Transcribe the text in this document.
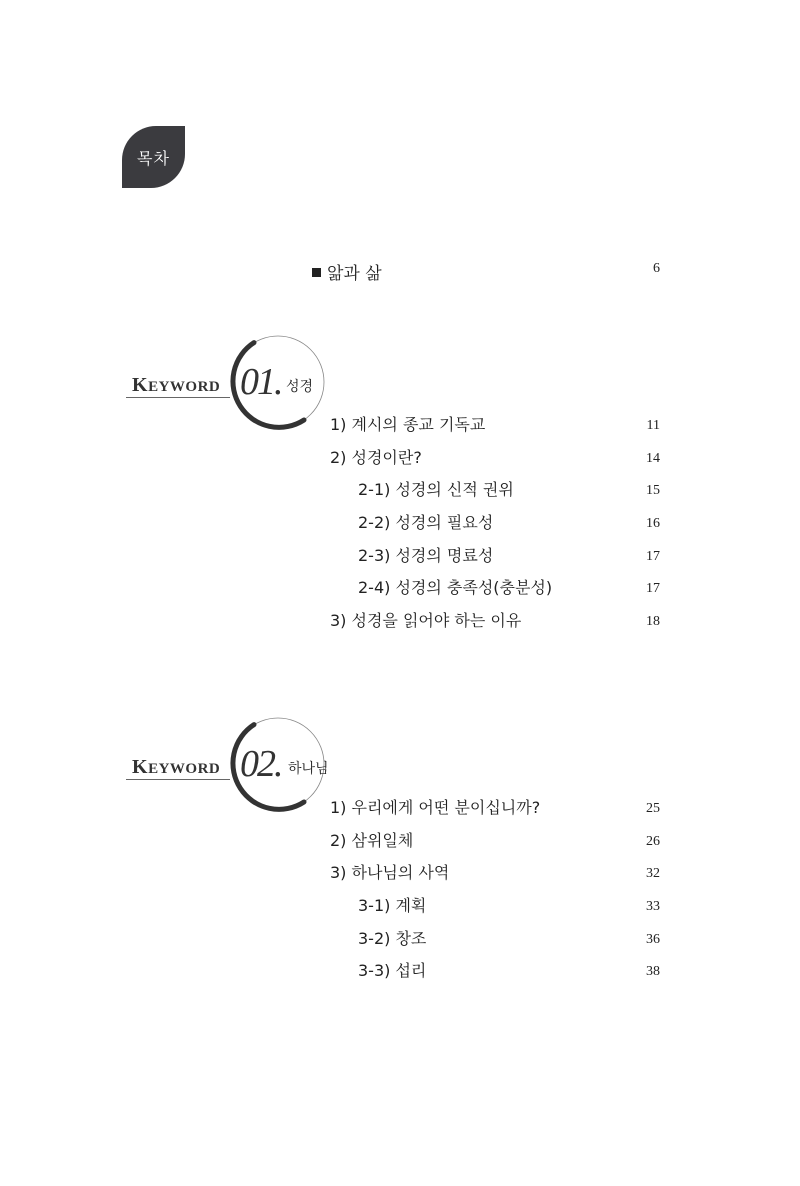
목차
앎과 삶	6
KEYWORD 01. 성경
1) 계시의 종교 기독교	11
2) 성경이란?	14
2-1) 성경의 신적 권위	15
2-2) 성경의 필요성	16
2-3) 성경의 명료성	17
2-4) 성경의 충족성(충분성)	17
3) 성경을 읽어야 하는 이유	18
KEYWORD 02. 하나님
1) 우리에게 어떤 분이십니까?	25
2) 삼위일체	26
3) 하나님의 사역	32
3-1) 계획	33
3-2) 창조	36
3-3) 섭리	38
